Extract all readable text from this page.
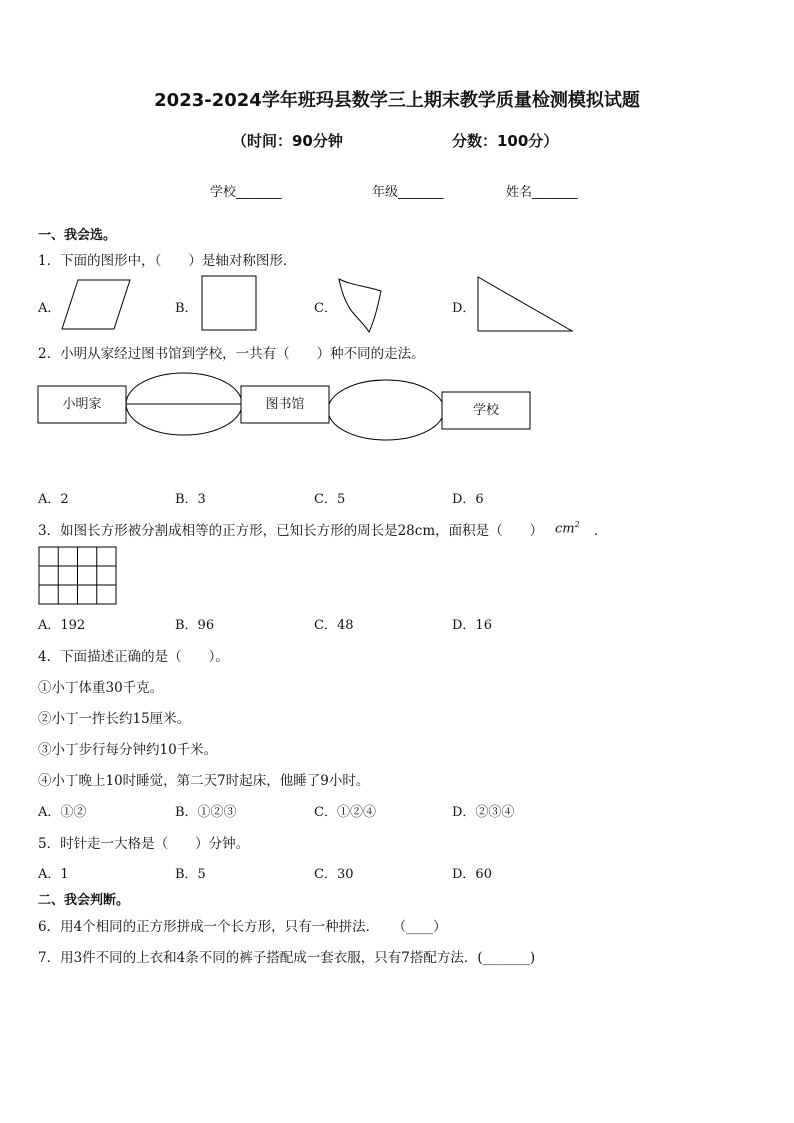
2023-2024学年班玛县数学三上期末教学质量检测模拟试题
（时间：90分钟	分数：100分）
学校_______	年级_______	姓名_______
一、我会选。
1．下面的图形中，（　　）是轴对称图形．
A．	B．	C．	D．
2．小明从家经过图书馆到学校，一共有（　　）种不同的走法。
小明家	图书馆	学校
A．2	B．3	C．5	D．6
3．如图长方形被分割成相等的正方形，已知长方形的周长是28cm，面积是（　　） $cm^2$ ．
A．192	B．96	C．48	D．16
4．下面描述正确的是（　　）。
①小丁体重30千克。
②小丁一拃长约15厘米。
③小丁步行每分钟约10千米。
④小丁晚上10时睡觉，第二天7时起床，他睡了9小时。
A．①②	B．①②③	C．①②④	D．②③④
5．时针走一大格是（　　）分钟。
A．1	B．5	C．30	D．60
二、我会判断。
6．用4个相同的正方形拼成一个长方形，只有一种拼法．　　（____）
7．用3件不同的上衣和4条不同的裤子搭配成一套衣服，只有7搭配方法．(_______)
